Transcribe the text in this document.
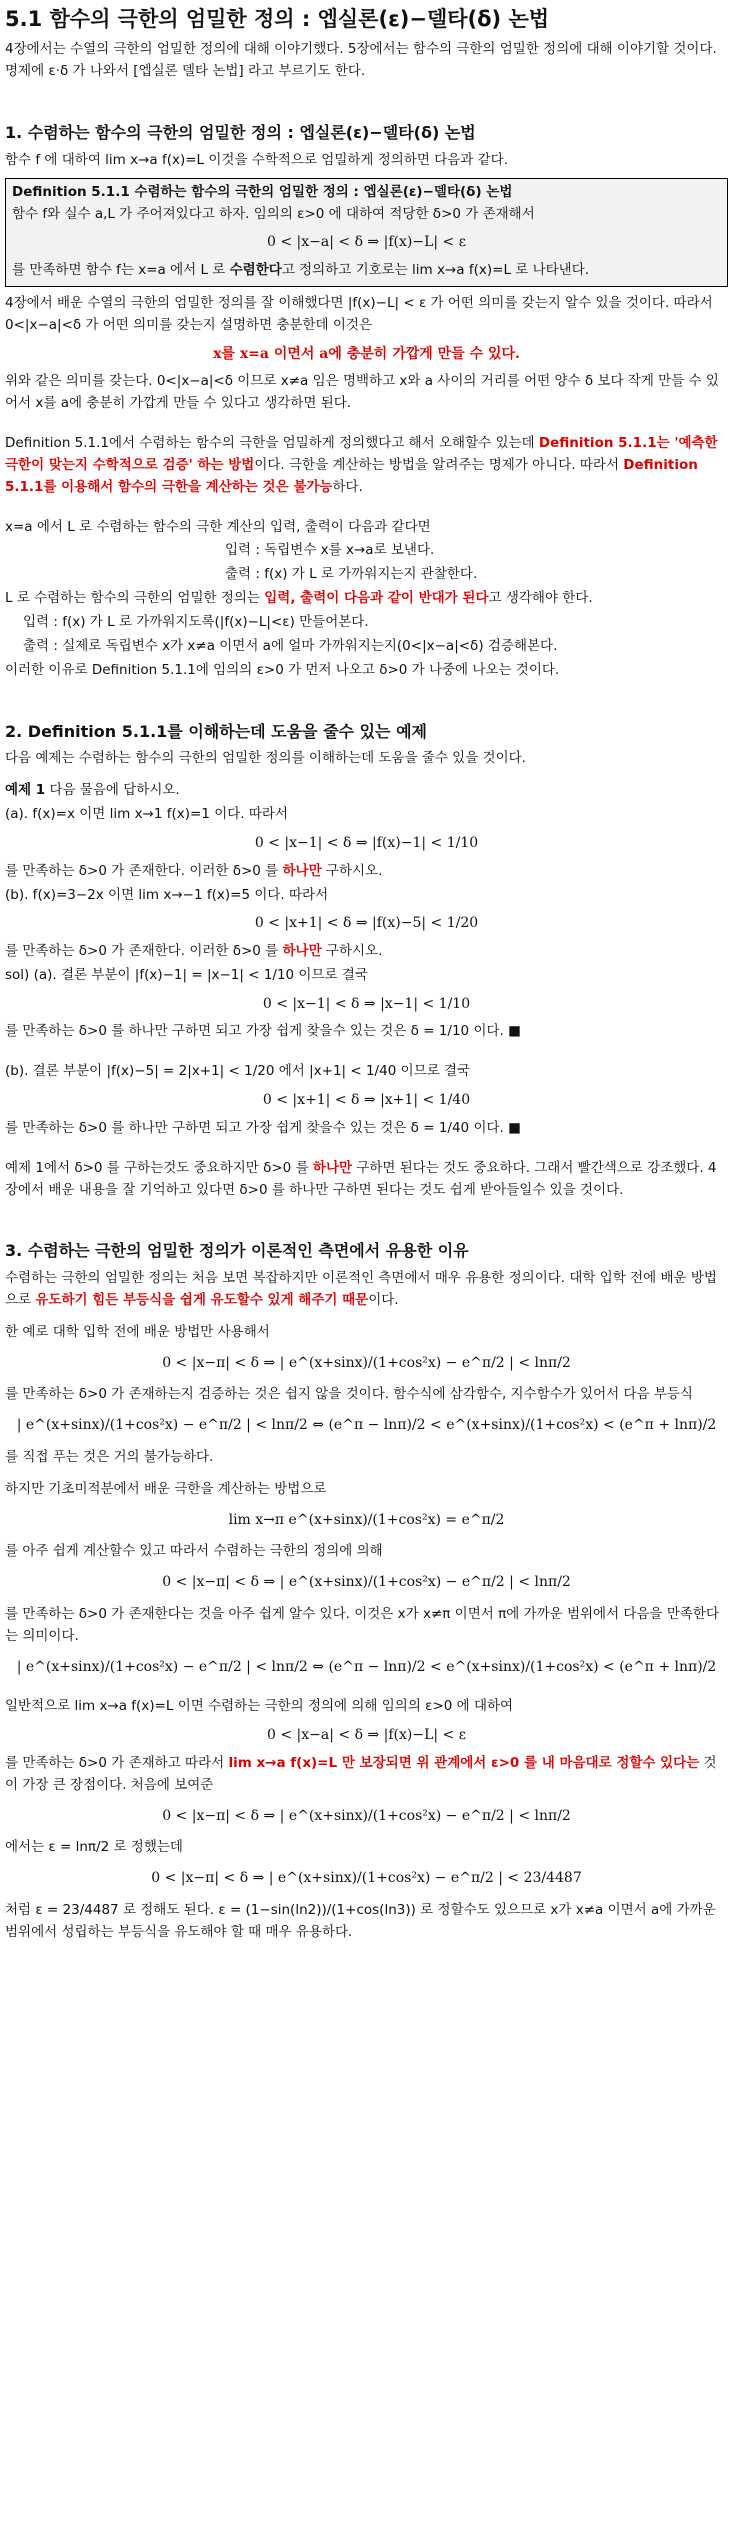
5.1 함수의 극한의 엄밀한 정의 : 엡실론(ε)−델타(δ) 논법

4장에서는 수열의 극한의 엄밀한 정의에 대해 이야기했다. 5장에서는 함수의 극한의 엄밀한 정의에 대해 이야기할 것이다. 명제에 ε·δ 가 나와서 [엡실론 델타 논법] 라고 부르기도 한다.

1. 수렴하는 함수의 극한의 엄밀한 정의 : 엡실론(ε)−델타(δ) 논법

함수 f 에 대하여 lim x→a f(x)=L 이것을 수학적으로 엄밀하게 정의하면 다음과 같다.

Definition 5.1.1 수렴하는 함수의 극한의 엄밀한 정의 : 엡실론(ε)−델타(δ) 논법
함수 f와 실수 a,L 가 주어져있다고 하자. 임의의 ε>0 에 대하여 적당한 δ>0 가 존재해서
0 < |x−a| < δ ⇒ |f(x)−L| < ε
를 만족하면 함수 f는 x=a 에서 L 로 수렴한다고 정의하고 기호로는 lim x→a f(x)=L 로 나타낸다.

4장에서 배운 수열의 극한의 엄밀한 정의를 잘 이해했다면 |f(x)−L| < ε 가 어떤 의미를 갖는지 알수 있을 것이다. 따라서 0<|x−a|<δ 가 어떤 의미를 갖는지 설명하면 충분한데 이것은

x를 x=a 이면서 a에 충분히 가깝게 만들 수 있다.

위와 같은 의미를 갖는다. 0<|x−a|<δ 이므로 x≠a 임은 명백하고 x와 a 사이의 거리를 어떤 양수 δ 보다 작게 만들 수 있어서 x를 a에 충분히 가깝게 만들 수 있다고 생각하면 된다.

Definition 5.1.1에서 수렴하는 함수의 극한을 엄밀하게 정의했다고 해서 오해할수 있는데 Definition 5.1.1는 '예측한 극한이 맞는지 수학적으로 검증' 하는 방법이다. 극한을 계산하는 방법을 알려주는 명제가 아니다. 따라서 Definition 5.1.1를 이용해서 함수의 극한을 계산하는 것은 불가능하다.

x=a 에서 L 로 수렴하는 함수의 극한 계산의 입력, 출력이 다음과 같다면

입력 : 독립변수 x를 x→a로 보낸다.

출력 : f(x) 가 L 로 가까워지는지 관찰한다.

L 로 수렴하는 함수의 극한의 엄밀한 정의는 입력, 출력이 다음과 같이 반대가 된다고 생각해야 한다.

입력 : f(x) 가 L 로 가까워지도록(|f(x)−L|<ε) 만들어본다.

출력 : 실제로 독립변수 x가 x≠a 이면서 a에 얼마 가까워지는지(0<|x−a|<δ) 검증해본다.

이러한 이유로 Definition 5.1.1에 임의의 ε>0 가 먼저 나오고 δ>0 가 나중에 나오는 것이다.

2. Definition 5.1.1를 이해하는데 도움을 줄수 있는 예제

다음 예제는 수렴하는 함수의 극한의 엄밀한 정의를 이해하는데 도움을 줄수 있을 것이다.

예제 1 다음 물음에 답하시오.

(a). f(x)=x 이면 lim x→1 f(x)=1 이다. 따라서

0 < |x−1| < δ ⇒ |f(x)−1| < 1/10

를 만족하는 δ>0 가 존재한다. 이러한 δ>0 를 하나만 구하시오.

(b). f(x)=3−2x 이면 lim x→−1 f(x)=5 이다. 따라서

0 < |x+1| < δ ⇒ |f(x)−5| < 1/20

를 만족하는 δ>0 가 존재한다. 이러한 δ>0 를 하나만 구하시오.

sol) (a). 결론 부분이 |f(x)−1| = |x−1| < 1/10 이므로 결국

0 < |x−1| < δ ⇒ |x−1| < 1/10

를 만족하는 δ>0 를 하나만 구하면 되고 가장 쉽게 찾을수 있는 것은 δ = 1/10 이다. ■

(b). 결론 부분이 |f(x)−5| = 2|x+1| < 1/20 에서 |x+1| < 1/40 이므로 결국

0 < |x+1| < δ ⇒ |x+1| < 1/40

를 만족하는 δ>0 를 하나만 구하면 되고 가장 쉽게 찾을수 있는 것은 δ = 1/40 이다. ■

예제 1에서 δ>0 를 구하는것도 중요하지만 δ>0 를 하나만 구하면 된다는 것도 중요하다. 그래서 빨간색으로 강조했다. 4장에서 배운 내용을 잘 기억하고 있다면 δ>0 를 하나만 구하면 된다는 것도 쉽게 받아들일수 있을 것이다.

3. 수렴하는 극한의 엄밀한 정의가 이론적인 측면에서 유용한 이유

수렴하는 극한의 엄밀한 정의는 처음 보면 복잡하지만 이론적인 측면에서 매우 유용한 정의이다. 대학 입학 전에 배운 방법으로 유도하기 힘든 부등식을 쉽게 유도할수 있게 해주기 때문이다.

한 예로 대학 입학 전에 배운 방법만 사용해서

0 < |x−π| < δ ⇒ | e^(x+sinx)/(1+cos²x) − e^π/2 | < lnπ/2

를 만족하는 δ>0 가 존재하는지 검증하는 것은 쉽지 않을 것이다. 함수식에 삼각함수, 지수함수가 있어서 다음 부등식

| e^(x+sinx)/(1+cos²x) − e^π/2 | < lnπ/2 ⇔ (e^π − lnπ)/2 < e^(x+sinx)/(1+cos²x) < (e^π + lnπ)/2

를 직접 푸는 것은 거의 불가능하다.

하지만 기초미적분에서 배운 극한을 계산하는 방법으로

lim x→π e^(x+sinx)/(1+cos²x) = e^π/2

를 아주 쉽게 계산할수 있고 따라서 수렴하는 극한의 정의에 의해

0 < |x−π| < δ ⇒ | e^(x+sinx)/(1+cos²x) − e^π/2 | < lnπ/2

를 만족하는 δ>0 가 존재한다는 것을 아주 쉽게 알수 있다. 이것은 x가 x≠π 이면서 π에 가까운 범위에서 다음을 만족한다는 의미이다.

| e^(x+sinx)/(1+cos²x) − e^π/2 | < lnπ/2 ⇔ (e^π − lnπ)/2 < e^(x+sinx)/(1+cos²x) < (e^π + lnπ)/2

일반적으로 lim x→a f(x)=L 이면 수렴하는 극한의 정의에 의해 임의의 ε>0 에 대하여

0 < |x−a| < δ ⇒ |f(x)−L| < ε

를 만족하는 δ>0 가 존재하고 따라서 lim x→a f(x)=L 만 보장되면 위 관계에서 ε>0 를 내 마음대로 정할수 있다는 것이 가장 큰 장점이다. 처음에 보여준

0 < |x−π| < δ ⇒ | e^(x+sinx)/(1+cos²x) − e^π/2 | < lnπ/2

에서는 ε = lnπ/2 로 정했는데

0 < |x−π| < δ ⇒ | e^(x+sinx)/(1+cos²x) − e^π/2 | < 23/4487

처럼 ε = 23/4487 로 정해도 된다. ε = (1−sin(ln2))/(1+cos(ln3)) 로 정할수도 있으므로 x가 x≠a 이면서 a에 가까운 범위에서 성립하는 부등식을 유도해야 할 때 매우 유용하다.
